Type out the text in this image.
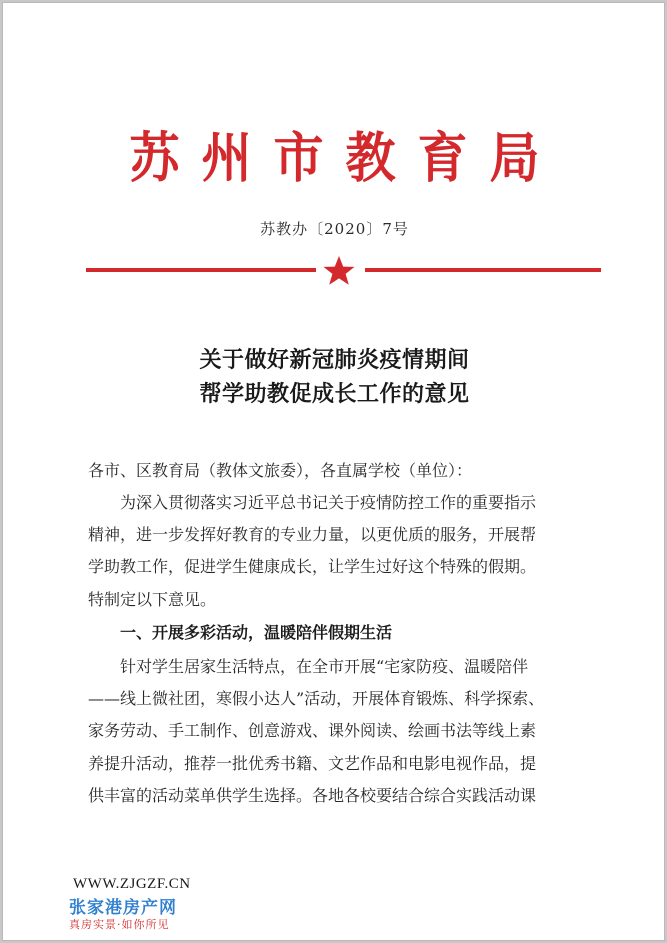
苏州市教育局
苏教办〔2020〕7号
关于做好新冠肺炎疫情期间
帮学助教促成长工作的意见
各市、区教育局（教体文旅委），各直属学校（单位）：
为深入贯彻落实习近平总书记关于疫情防控工作的重要指示
精神，进一步发挥好教育的专业力量，以更优质的服务，开展帮
学助教工作，促进学生健康成长，让学生过好这个特殊的假期。
特制定以下意见。
一、开展多彩活动，温暖陪伴假期生活
针对学生居家生活特点，在全市开展“宅家防疫、温暖陪伴
——线上微社团，寒假小达人”活动，开展体育锻炼、科学探索、
家务劳动、手工制作、创意游戏、课外阅读、绘画书法等线上素
养提升活动，推荐一批优秀书籍、文艺作品和电影电视作品，提
供丰富的活动菜单供学生选择。各地各校要结合综合实践活动课
WWW.ZJGZF.CN
张家港房产网
真房实景·如你所见
